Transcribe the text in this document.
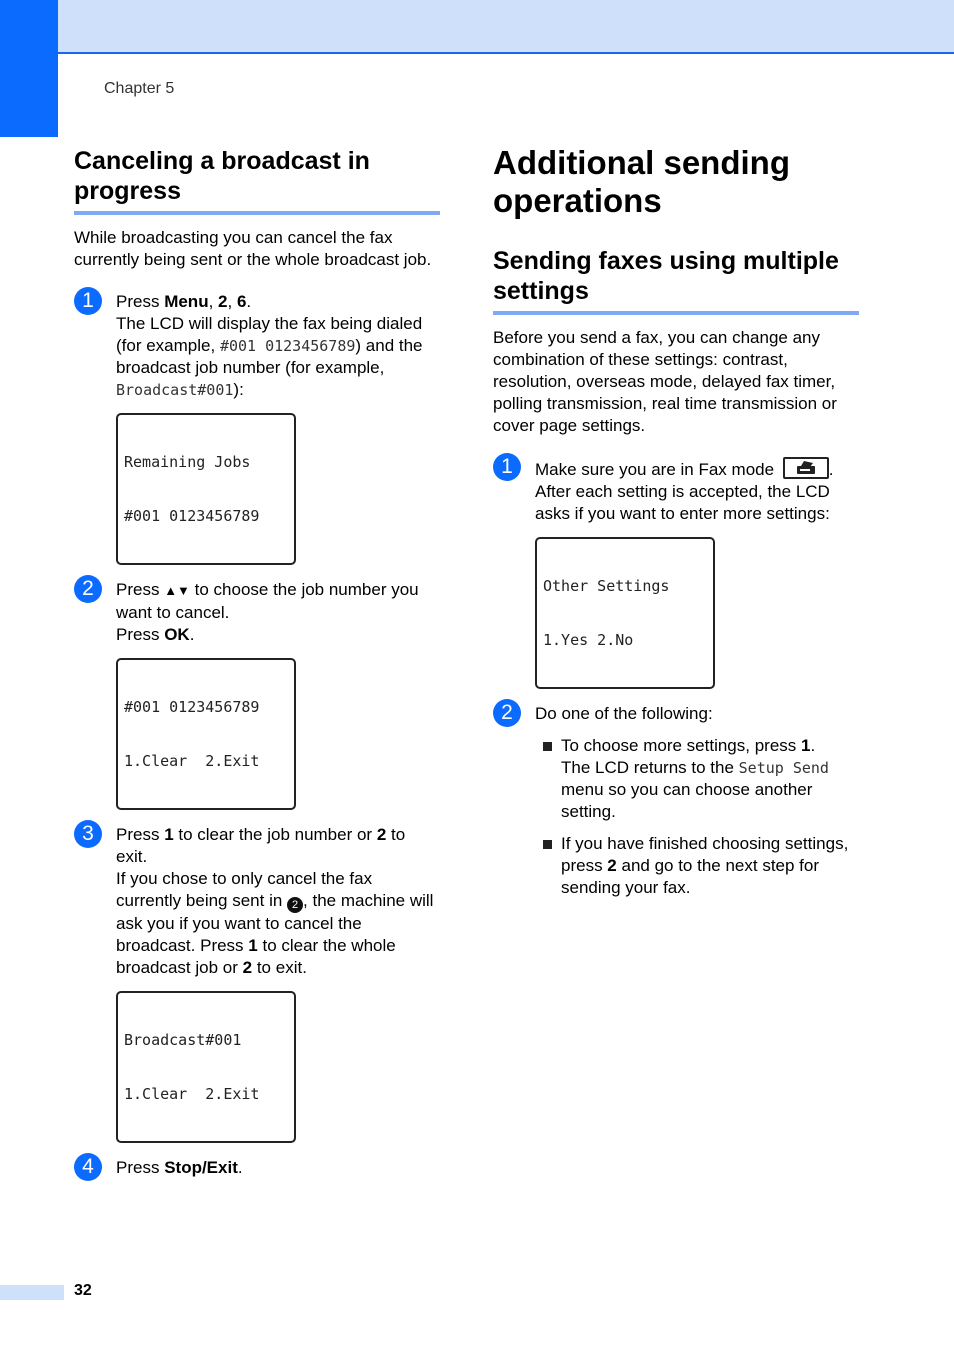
Chapter 5
Canceling a broadcast in progress

While broadcasting you can cancel the fax currently being sent or the whole broadcast job.

1	Press Menu, 2, 6.

The LCD will display the fax being dialed (for example, #001 0123456789) and the broadcast job number (for example, Broadcast#001):

Remaining Jobs

#001 0123456789

2	Press ▲▼ to choose the job number you want to cancel.

Press OK.

#001 0123456789

1.Clear  2.Exit

3	Press 1 to clear the job number or 2 to exit.

If you chose to only cancel the fax currently being sent in 2 , the machine will ask you if you want to cancel the broadcast. Press 1 to clear the whole broadcast job or 2 to exit.

Broadcast#001

1.Clear  2.Exit

4	Press Stop/Exit.

Additional sending operations
Sending faxes using multiple settings

Before you send a fax, you can change any combination of these settings: contrast, resolution, overseas mode, delayed fax timer, polling transmission, real time transmission or cover page settings.

1	Make sure you are in Fax mode	.

After each setting is accepted, the LCD asks if you want to enter more settings:

Other Settings

1.Yes 2.No

2	Do one of the following:

To choose more settings, press 1.
The LCD returns to the Setup Send menu so you can choose another setting.
If you have finished choosing settings, press 2 and go to the next step for sending your fax.
32
